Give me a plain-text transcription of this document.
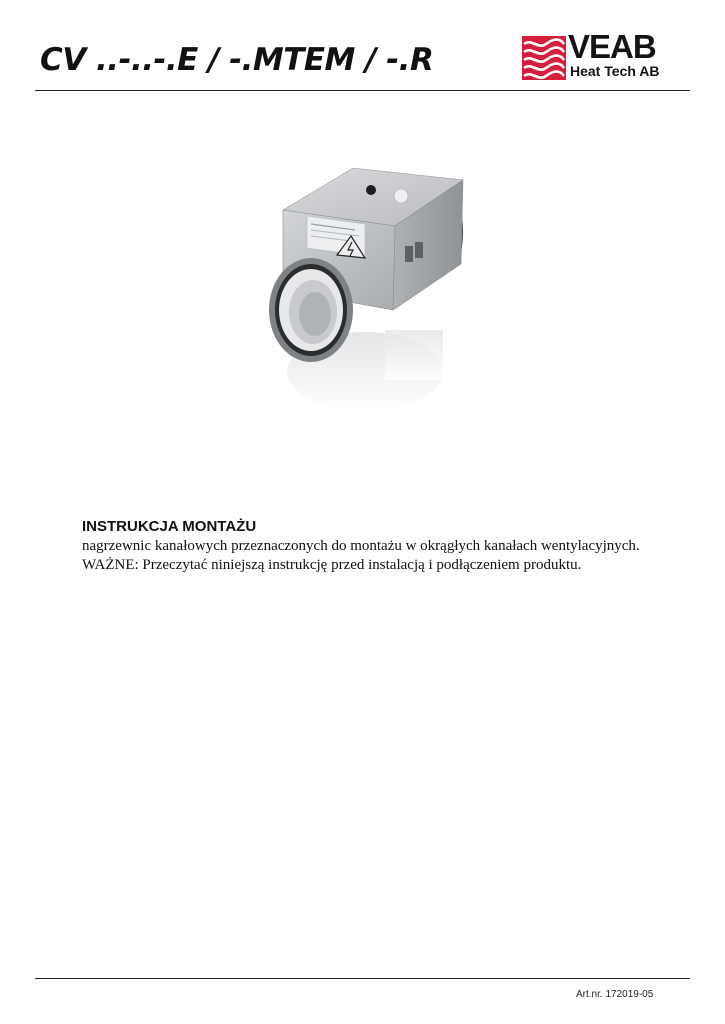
CV ..-..-.E / -.MTEM / -.R	VEAB
Heat Tech AB
INSTRUKCJA MONTAŻU

nagrzewnic kanałowych przeznaczonych do montażu w okrągłych kanałach wentylacyjnych.

WAŻNE: Przeczytać niniejszą instrukcję przed instalacją i podłączeniem produktu.

Art.nr. 172019-05
